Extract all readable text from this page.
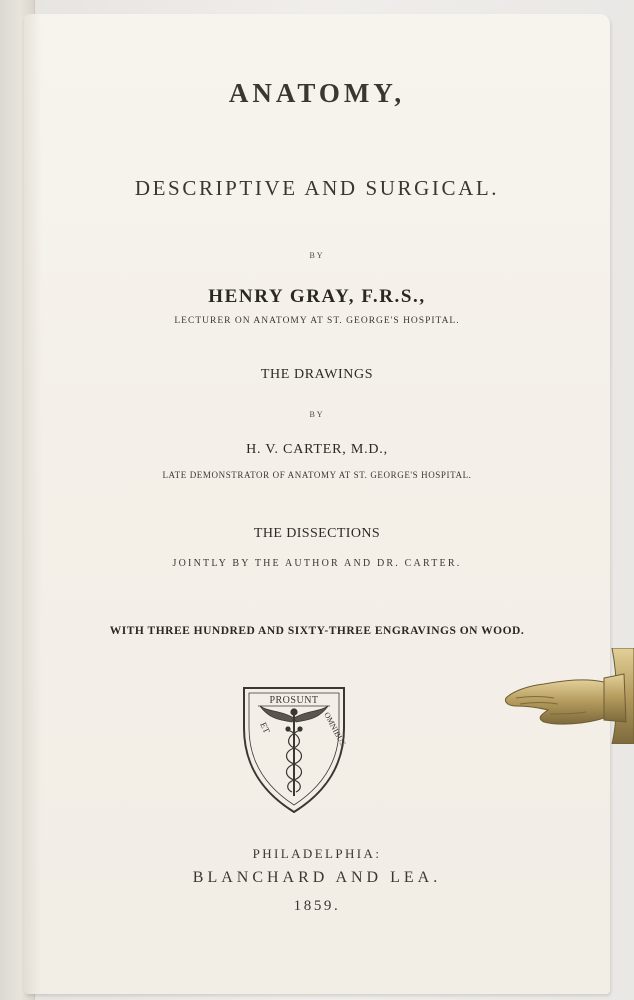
ANATOMY,
DESCRIPTIVE AND SURGICAL.
BY
HENRY GRAY, F.R.S.,
LECTURER ON ANATOMY AT ST. GEORGE'S HOSPITAL.
THE DRAWINGS
BY
H. V. CARTER, M.D.,
LATE DEMONSTRATOR OF ANATOMY AT ST. GEORGE'S HOSPITAL.
THE DISSECTIONS
JOINTLY BY THE AUTHOR AND DR. CARTER.
WITH THREE HUNDRED AND SIXTY-THREE ENGRAVINGS ON WOOD.
PROSUNT
ET	OMNIBUS.
PHILADELPHIA:
BLANCHARD AND LEA.
1859.
